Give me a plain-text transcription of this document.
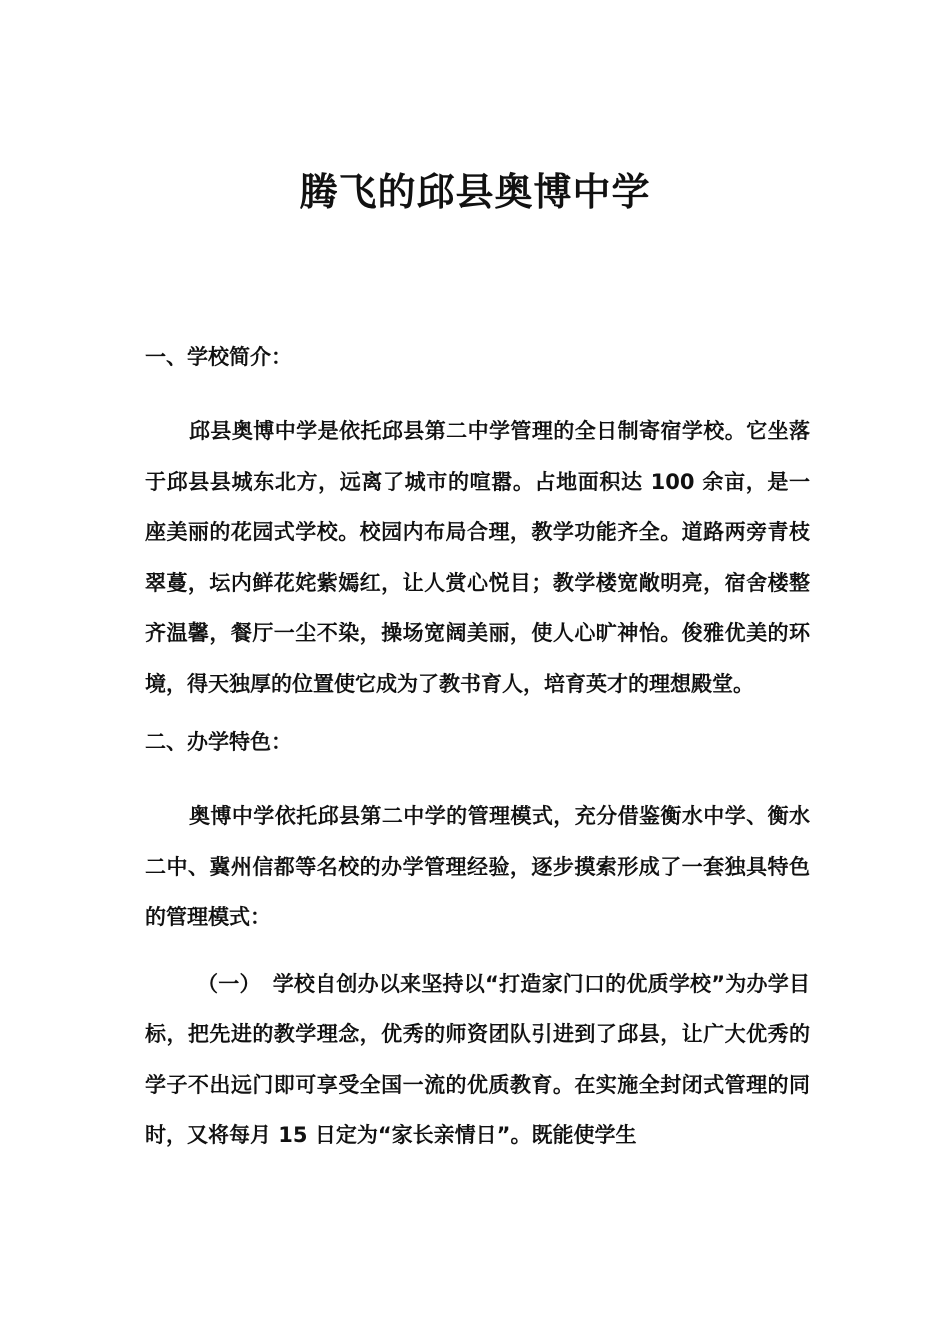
腾飞的邱县奥博中学
一、学校简介：

邱县奥博中学是依托邱县第二中学管理的全日制寄宿学校。它坐落于邱县县城东北方，远离了城市的喧嚣。占地面积达 100 余亩，是一座美丽的花园式学校。校园内布局合理，教学功能齐全。道路两旁青枝翠蔓，坛内鲜花姹紫嫣红，让人赏心悦目；教学楼宽敞明亮，宿舍楼整齐温馨，餐厅一尘不染，操场宽阔美丽，使人心旷神怡。俊雅优美的环境，得天独厚的位置使它成为了教书育人，培育英才的理想殿堂。

二、办学特色：

奥博中学依托邱县第二中学的管理模式，充分借鉴衡水中学、衡水二中、冀州信都等名校的办学管理经验，逐步摸索形成了一套独具特色的管理模式：

（一） 学校自创办以来坚持以“打造家门口的优质学校”为办学目标，把先进的教学理念，优秀的师资团队引进到了邱县，让广大优秀的学子不出远门即可享受全国一流的优质教育。在实施全封闭式管理的同时，又将每月 15 日定为“家长亲情日”。既能使学生
